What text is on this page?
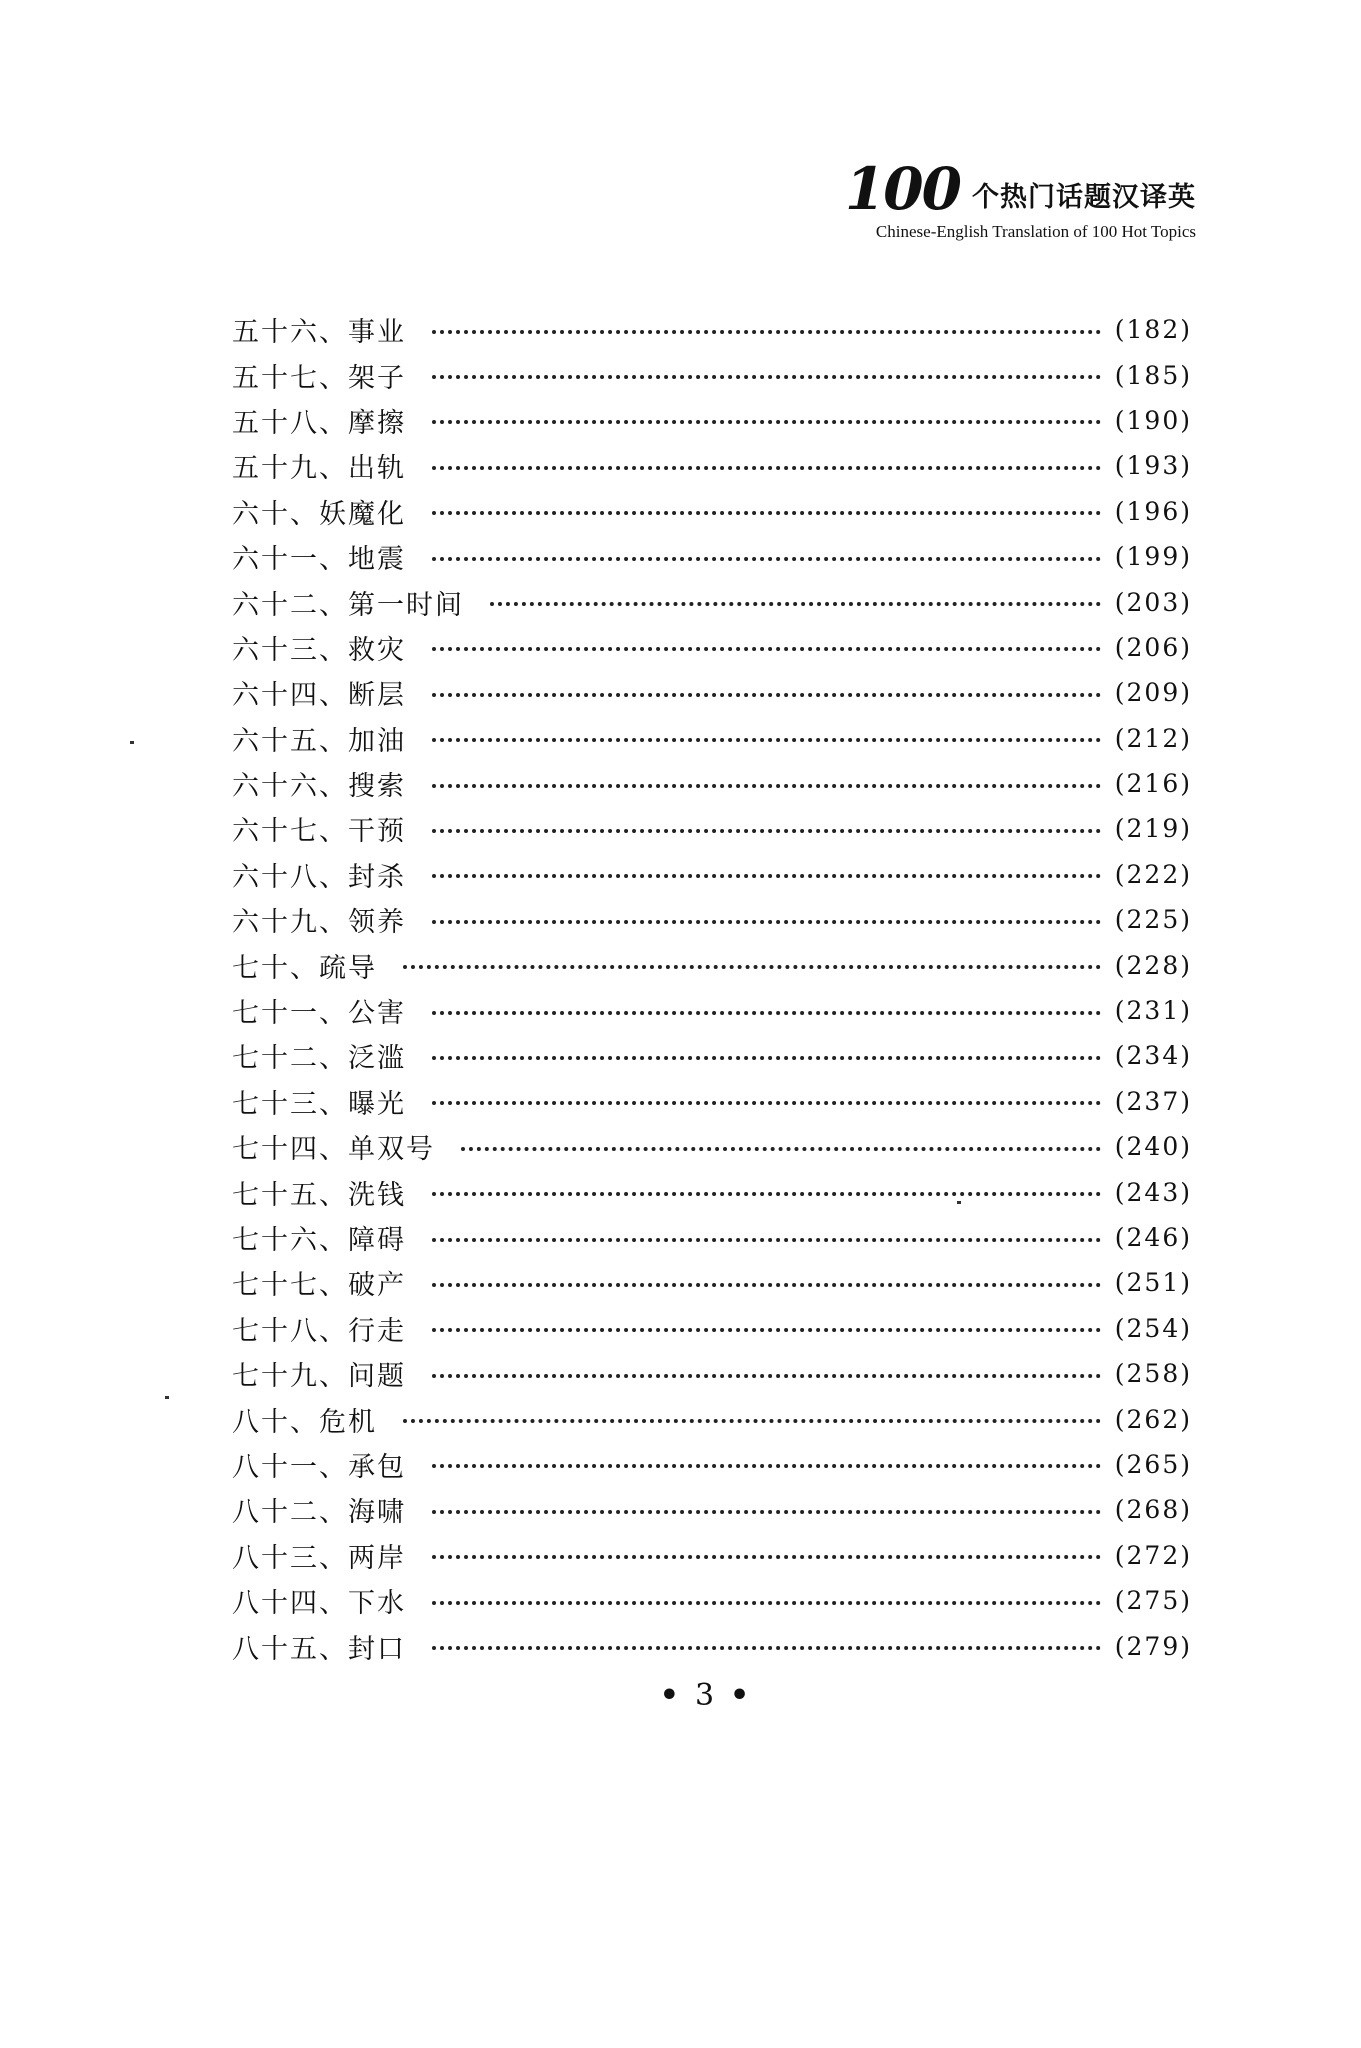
100 个热门话题汉译英
Chinese-English Translation of 100 Hot Topics
五十六、事业	(182)
五十七、架子	(185)
五十八、摩擦	(190)
五十九、出轨	(193)
六十、妖魔化	(196)
六十一、地震	(199)
六十二、第一时间	(203)
六十三、救灾	(206)
六十四、断层	(209)
六十五、加油	(212)
六十六、搜索	(216)
六十七、干预	(219)
六十八、封杀	(222)
六十九、领养	(225)
七十、疏导	(228)
七十一、公害	(231)
七十二、泛滥	(234)
七十三、曝光	(237)
七十四、单双号	(240)
七十五、洗钱	(243)
七十六、障碍	(246)
七十七、破产	(251)
七十八、行走	(254)
七十九、问题	(258)
八十、危机	(262)
八十一、承包	(265)
八十二、海啸	(268)
八十三、两岸	(272)
八十四、下水	(275)
八十五、封口	(279)
• 3 •
